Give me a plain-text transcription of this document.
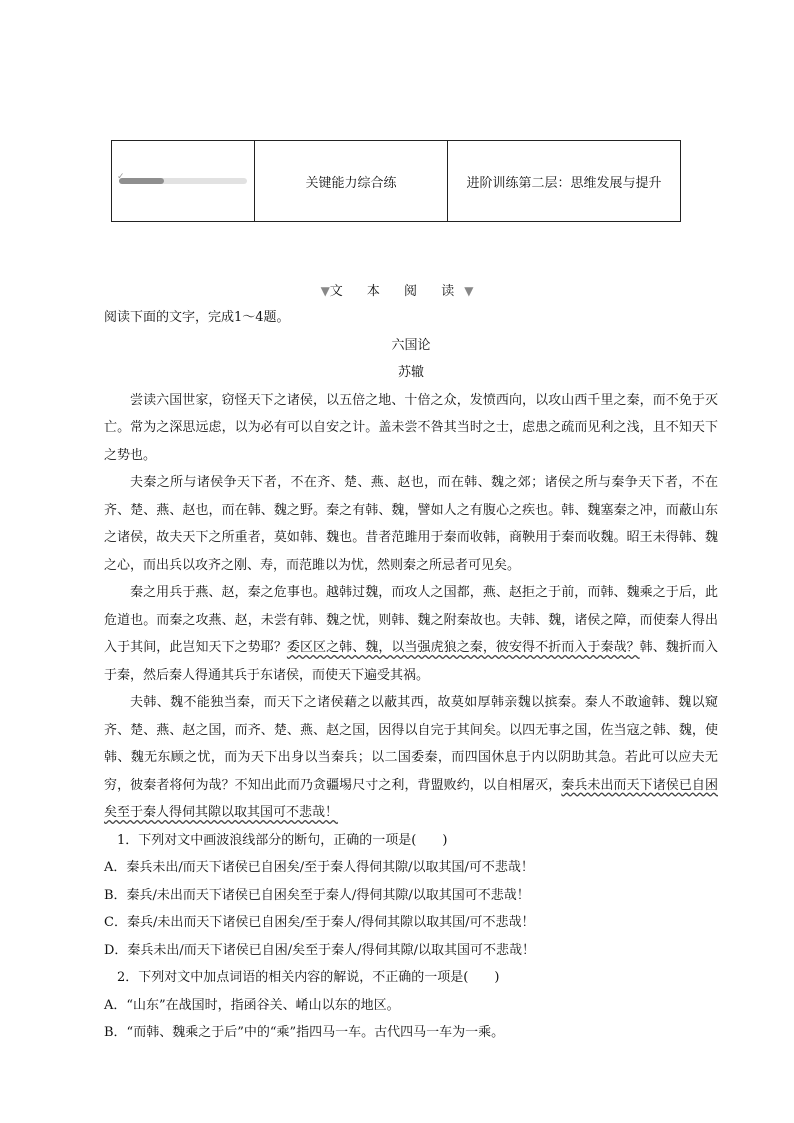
✓	关键能力综合练	进阶训练第二层：思维发展与提升
▼文 本 阅 读▼

阅读下面的文字，完成1～4题。

六国论

苏辙

尝读六国世家，窃怪天下之诸侯，以五倍之地、十倍之众，发愤西向，以攻山西千里之秦，而不免于灭亡。常为之深思远虑，以为必有可以自安之计。盖未尝不咎其当时之士，虑患之疏而见利之浅，且不知天下之势也。

夫秦之所与诸侯争天下者，不在齐、楚、燕、赵也，而在韩、魏之郊；诸侯之所与秦争天下者，不在齐、楚、燕、赵也，而在韩、魏之野。秦之有韩、魏，譬如人之有腹心之疾也。韩、魏塞秦之冲，而蔽山东之诸侯，故夫天下之所重者，莫如韩、魏也。昔者范雎用于秦而收韩，商鞅用于秦而收魏。昭王未得韩、魏之心，而出兵以攻齐之刚、寿，而范雎以为忧，然则秦之所忌者可见矣。

秦之用兵于燕、赵，秦之危事也。越韩过魏，而攻人之国都，燕、赵拒之于前，而韩、魏乘之于后，此危道也。而秦之攻燕、赵，未尝有韩、魏之忧，则韩、魏之附秦故也。夫韩、魏，诸侯之障，而使秦人得出入于其间，此岂知天下之势耶？委区区之韩、魏，以当强虎狼之秦，彼安得不折而入于秦哉？韩、魏折而入于秦，然后秦人得通其兵于东诸侯，而使天下遍受其祸。

夫韩、魏不能独当秦，而天下之诸侯藉之以蔽其西，故莫如厚韩亲魏以摈秦。秦人不敢逾韩、魏以窥齐、楚、燕、赵之国，而齐、楚、燕、赵之国，因得以自完于其间矣。以四无事之国，佐当寇之韩、魏，使韩、魏无东顾之忧，而为天下出身以当秦兵；以二国委秦，而四国休息于内以阴助其急。若此可以应夫无穷，彼秦者将何为哉？不知出此而乃贪疆埸尺寸之利，背盟败约，以自相屠灭，秦兵未出而天下诸侯已自困矣至于秦人得伺其隙以取其国可不悲哉！

1．下列对文中画波浪线部分的断句，正确的一项是(　　)

A．秦兵未出/而天下诸侯已自困矣/至于秦人得伺其隙/以取其国/可不悲哉！

B．秦兵/未出而天下诸侯已自困矣至于秦人/得伺其隙/以取其国可不悲哉！

C．秦兵/未出而天下诸侯已自困矣/至于秦人/得伺其隙以取其国/可不悲哉！

D．秦兵未出/而天下诸侯已自困/矣至于秦人/得伺其隙/以取其国可不悲哉！

2．下列对文中加点词语的相关内容的解说，不正确的一项是(　　)

A．“山东”在战国时，指函谷关、崤山以东的地区。

B．“而韩、魏乘之于后”中的“乘”指四马一车。古代四马一车为一乘。
